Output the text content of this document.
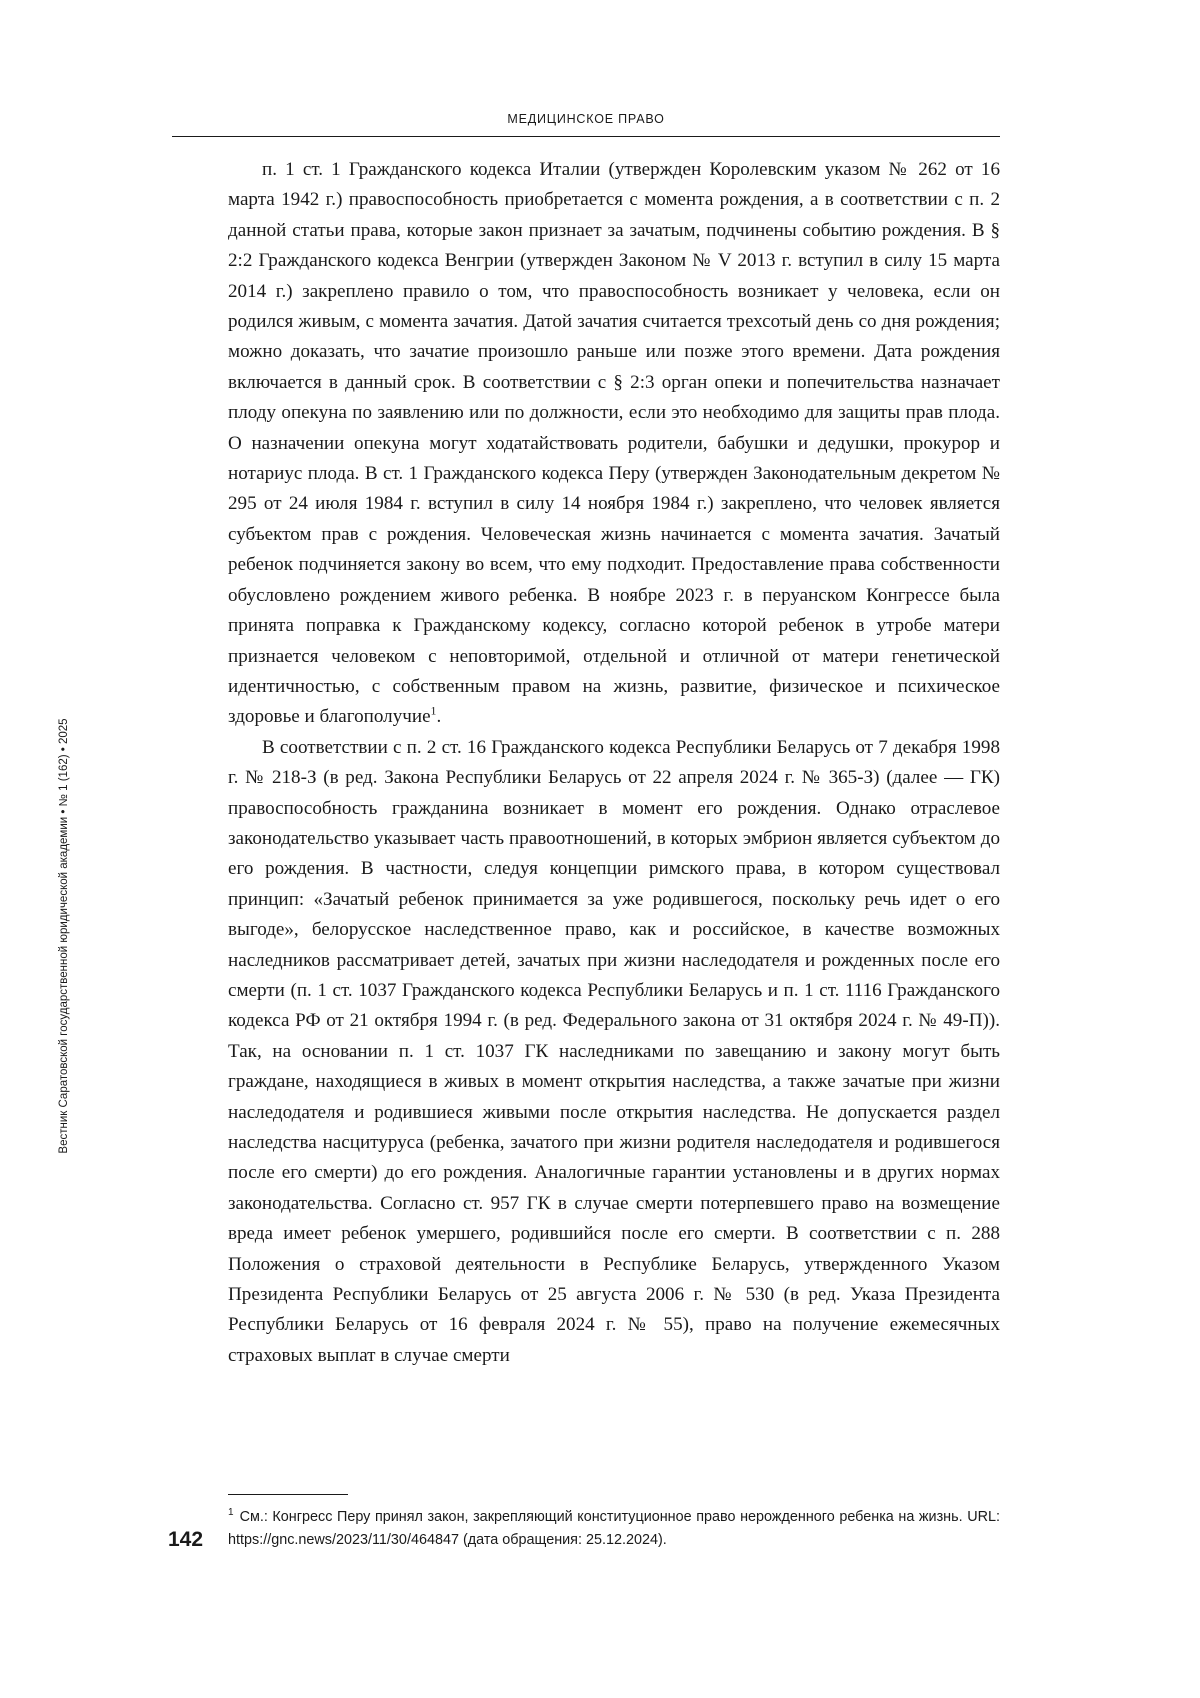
МЕДИЦИНСКОЕ ПРАВО
Вестник Саратовской государственной юридической академии • № 1 (162) • 2025

п. 1 ст. 1 Гражданского кодекса Италии (утвержден Королевским указом № 262 от 16 марта 1942 г.) правоспособность приобретается с момента рождения, а в соответствии с п. 2 данной статьи права, которые закон признает за зачатым, подчинены событию рождения. В § 2:2 Гражданского кодекса Венгрии (утвержден Законом № V 2013 г. вступил в силу 15 марта 2014 г.) закреплено правило о том, что правоспособность возникает у человека, если он родился живым, с момента зачатия. Датой зачатия считается трехсотый день со дня рождения; можно доказать, что зачатие произошло раньше или позже этого времени. Дата рождения включается в данный срок. В соответствии с § 2:3 орган опеки и попечительства назначает плоду опекуна по заявлению или по должности, если это необходимо для защиты прав плода. О назначении опекуна могут ходатайствовать родители, бабушки и дедушки, прокурор и нотариус плода. В ст. 1 Гражданского кодекса Перу (утвержден Законодательным декретом № 295 от 24 июля 1984 г. вступил в силу 14 ноября 1984 г.) закреплено, что человек является субъектом прав с рождения. Человеческая жизнь начинается с момента зачатия. Зачатый ребенок подчиняется закону во всем, что ему подходит. Предоставление права собственности обусловлено рождением живого ребенка. В ноябре 2023 г. в перуанском Конгрессе была принята поправка к Гражданскому кодексу, согласно которой ребенок в утробе матери признается человеком с неповторимой, отдельной и отличной от матери генетической идентичностью, с собственным правом на жизнь, развитие, физическое и психическое здоровье и благополучие$^1$.

В соответствии с п. 2 ст. 16 Гражданского кодекса Республики Беларусь от 7 декабря 1998 г. № 218-З (в ред. Закона Республики Беларусь от 22 апреля 2024 г. № 365-З) (далее — ГК) правоспособность гражданина возникает в момент его рождения. Однако отраслевое законодательство указывает часть правоотношений, в которых эмбрион является субъектом до его рождения. В частности, следуя концепции римского права, в котором существовал принцип: «Зачатый ребенок принимается за уже родившегося, поскольку речь идет о его выгоде», белорусское наследственное право, как и российское, в качестве возможных наследников рассматривает детей, зачатых при жизни наследодателя и рожденных после его смерти (п. 1 ст. 1037 Гражданского кодекса Республики Беларусь и п. 1 ст. 1116 Гражданского кодекса РФ от 21 октября 1994 г. (в ред. Федерального закона от 31 октября 2024 г. № 49-П)). Так, на основании п. 1 ст. 1037 ГК наследниками по завещанию и закону могут быть граждане, находящиеся в живых в момент открытия наследства, а также зачатые при жизни наследодателя и родившиеся живыми после открытия наследства. Не допускается раздел наследства насцитуруса (ребенка, зачатого при жизни родителя наследодателя и родившегося после его смерти) до его рождения. Аналогичные гарантии установлены и в других нормах законодательства. Согласно ст. 957 ГК в случае смерти потерпевшего право на возмещение вреда имеет ребенок умершего, родившийся после его смерти. В соответствии с п. 288 Положения о страховой деятельности в Республике Беларусь, утвержденного Указом Президента Республики Беларусь от 25 августа 2006 г. № 530 (в ред. Указа Президента Республики Беларусь от 16 февраля 2024 г. № 55), право на получение ежемесячных страховых выплат в случае смерти

$^1$ См.: Конгресс Перу принял закон, закрепляющий конституционное право нерожденного ребенка на жизнь. URL: https://gnc.news/2023/11/30/464847 (дата обращения: 25.12.2024).
142
